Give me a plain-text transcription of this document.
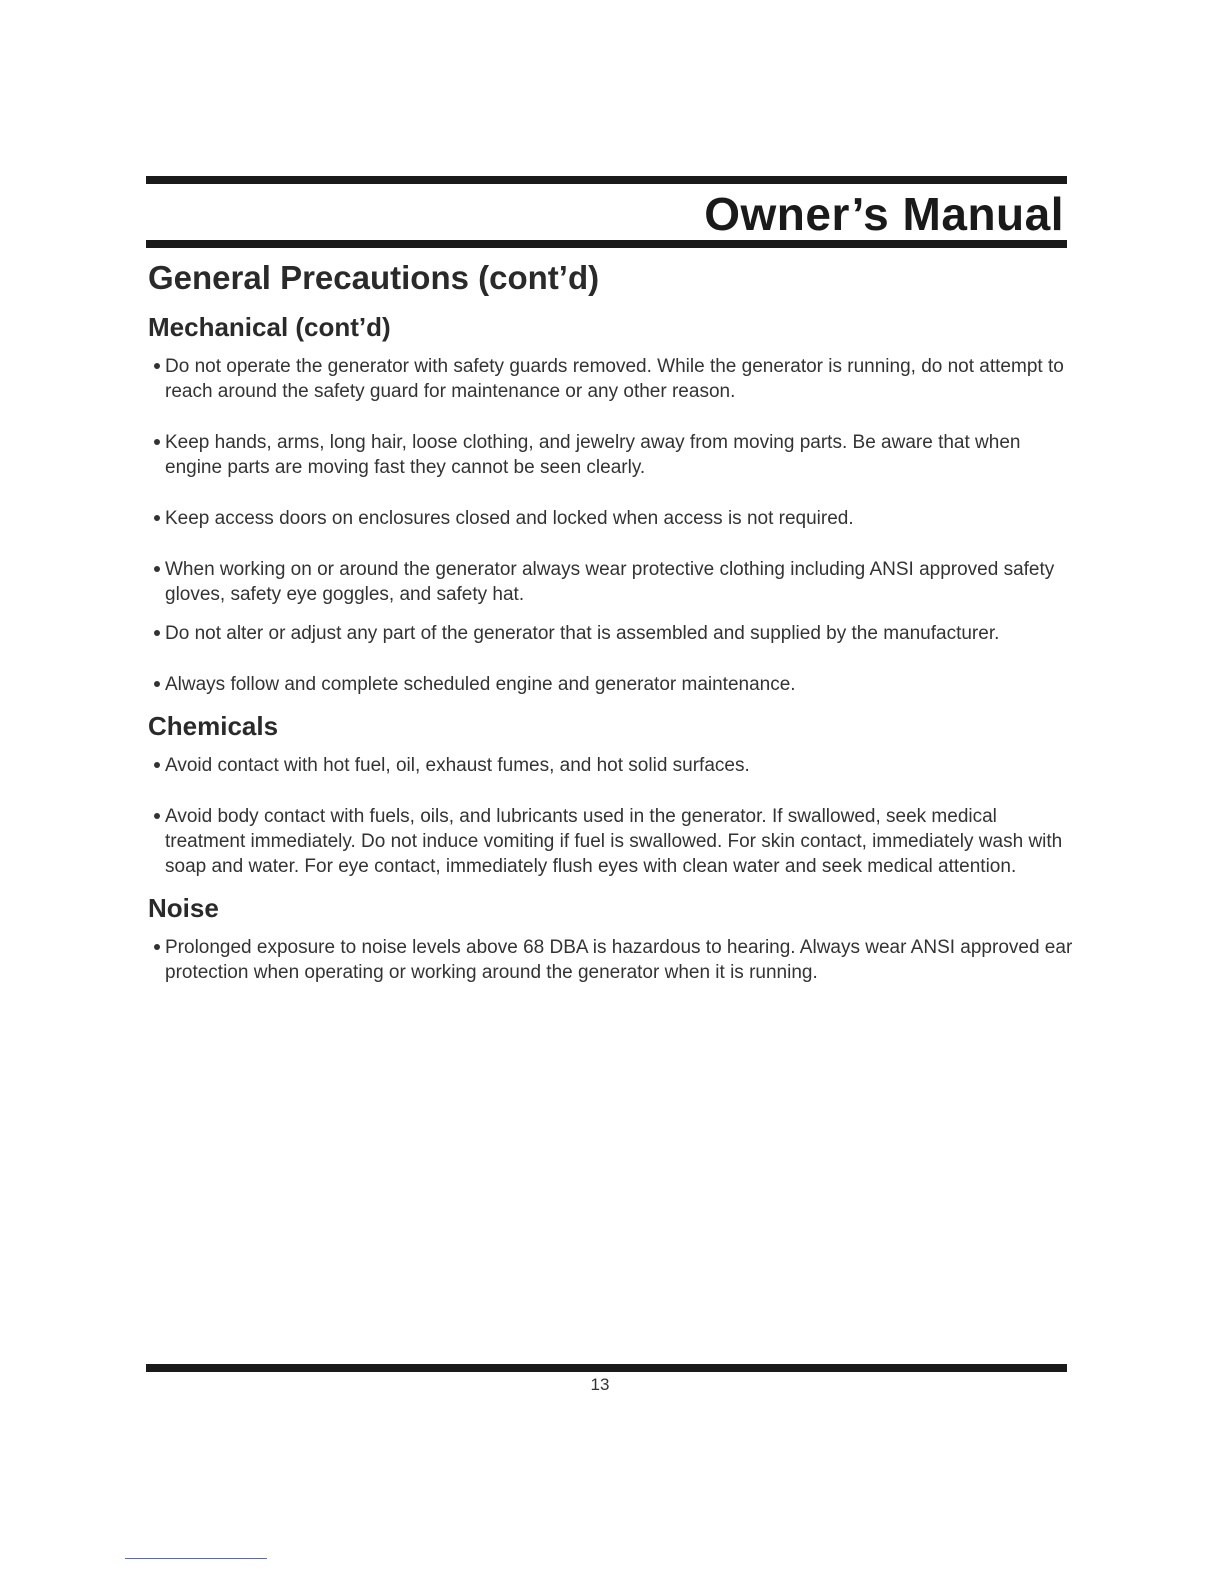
Owner’s Manual
General Precautions (cont’d)
Mechanical (cont’d)
Do not operate the generator with safety guards removed. While the generator is running, do not attempt to reach around the safety guard for maintenance or any other reason.
Keep hands, arms, long hair, loose clothing, and jewelry away from moving parts. Be aware that when engine parts are moving fast they cannot be seen clearly.
Keep access doors on enclosures closed and locked when access is not required.
When working on or around the generator always wear protective clothing including ANSI approved safety gloves, safety eye goggles, and safety hat.
Do not alter or adjust any part of the generator that is assembled and supplied by the manufacturer.
Always follow and complete scheduled engine and generator maintenance.
Chemicals
Avoid contact with hot fuel, oil, exhaust fumes, and hot solid surfaces.
Avoid body contact with fuels, oils, and lubricants used in the generator. If swallowed, seek medical treatment immediately. Do not induce vomiting if fuel is swallowed. For skin contact, immediately wash with soap and water. For eye contact, immediately flush eyes with clean water and seek medical attention.
Noise
Prolonged exposure to noise levels above 68 DBA is hazardous to hearing. Always wear ANSI approved ear protection when operating or working around the generator when it is running.
13
